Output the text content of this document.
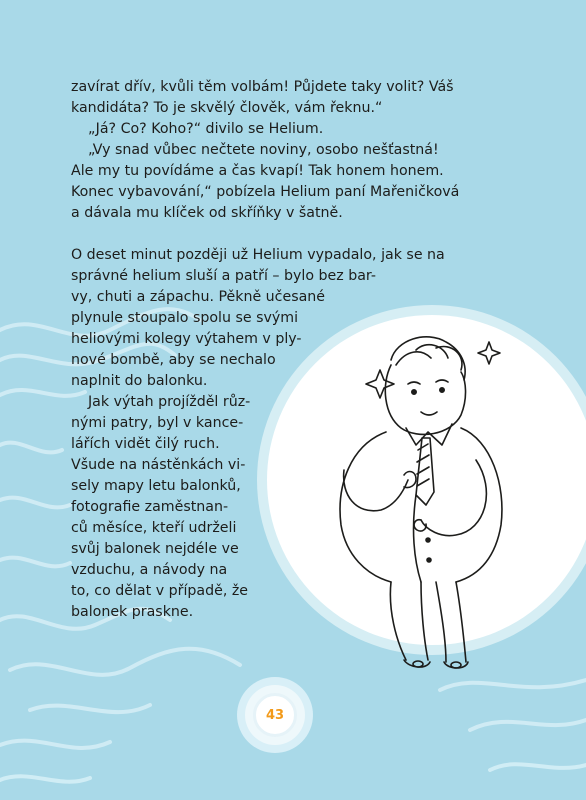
zavírat dřív, kvůli těm volbám! Půjdete taky volit? Váš
kandidáta? To je skvělý člověk, vám řeknu.“
„Já? Co? Koho?“ divilo se Helium.
„Vy snad vůbec nečtete noviny, osobo nešťastná!
Ale my tu povídáme a čas kvapí! Tak honem honem.
Konec vybavování,“ pobízela Helium paní Mařeničková
a dávala mu klíček od skříňky v šatně.
O deset minut později už Helium vypadalo, jak se na
správné helium sluší a patří – bylo bez bar-
vy, chuti a zápachu. Pěkně učesané
plynule stoupalo spolu se svými
heliovými kolegy výtahem v ply-
nové bombě, aby se nechalo
naplnit do balonku.
Jak výtah projížděl růz-
nými patry, byl v kance-
lářích vidět čilý ruch.
Všude na nástěnkách vi-
sely mapy letu balonků,
fotografie zaměstnan-
ců měsíce, kteří udrželi
svůj balonek nejdéle ve
vzduchu, a návody na
to, co dělat v případě, že
balonek praskne.
43
